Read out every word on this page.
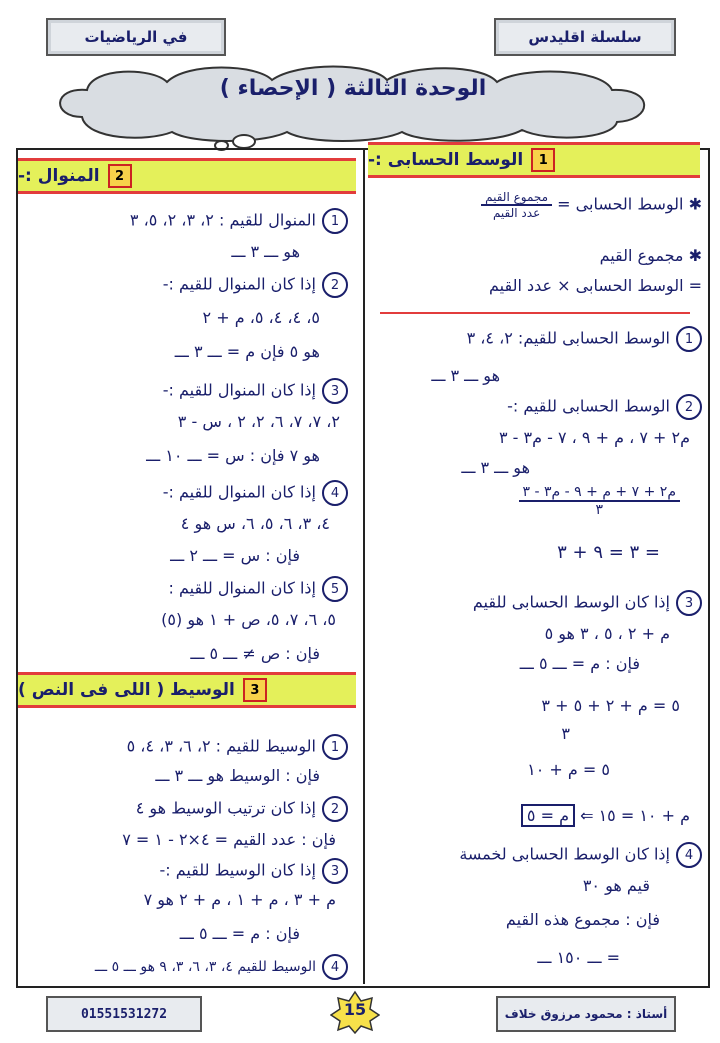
في الرياضيات	سلسلة اقليدس
الوحدة الثالثة ( الإحصاء )
1
الوسط الحسابى :-
✱ الوسط الحسابى =
$\frac{\text{مجموع القيم}}{\text{عدد القيم}}$
✱ مجموع القيم
= الوسط الحسابى × عدد القيم
1الوسط الحسابى للقيم: ٢، ٤، ٣
هو ـــ ٣ ـــ
2الوسط الحسابى للقيم :-
م٢ + ٧ ، م + ٩ ، ٧ - م٣ - ٣
هو ـــ ٣ ـــ
$\frac{\text{م٢ + ٧ + م + ٩ - م٣ - ٣}}{٣}$
= ٣ = ٩ + ٣
3إذا كان الوسط الحسابى للقيم
م + ٢ ، ٥ ، ٣ هو ٥
فإن : م = ـــ ٥ ـــ
٥ = م + ٢ + ٥ + ٣
٣
٥ = م + ١٠
م + ١٠ = ١٥ ⇐ م = ٥
4إذا كان الوسط الحسابى لخمسة
قيم هو ٣٠
فإن : مجموع هذه القيم
= ـــ ١٥٠ ـــ
2
المنوال :-
1المنوال للقيم : ٢، ٣، ٢، ٥، ٣
هو ـــ ٣ ـــ
2إذا كان المنوال للقيم :-
٥، ٤، ٤، ٥، م + ٢
هو ٥ فإن م = ـــ ٣ ـــ
3إذا كان المنوال للقيم :-
٢، ٧، ٧، ٦، ٢، ٢ ، س - ٣
هو ٧ فإن : س = ـــ ١٠ ـــ
4إذا كان المنوال للقيم :-
٤، ٣، ٦، ٥، ٦، س هو ٤
فإن : س = ـــ ٢ ـــ
5إذا كان المنوال للقيم :
٥، ٦، ٧، ٥، ص + ١ هو (٥)
فإن : ص ≠ ـــ ٥ ـــ
3
الوسيط ( اللى فى النص )
1الوسيط للقيم : ٢، ٦، ٣، ٤، ٥
فإن : الوسيط هو ـــ ٣ ـــ
2إذا كان ترتيب الوسيط هو ٤
فإن : عدد القيم = ٤×٢ - ١ = ٧
3إذا كان الوسيط للقيم :-
م + ٣ ، م + ١ ، م + ٢ هو ٧
فإن : م = ـــ ٥ ـــ
4الوسيط للقيم ٤، ٣، ٦، ٣، ٩ هو ـــ ٥ ـــ
01551531272	15	أستاذ : محمود مرزوق خلاف
